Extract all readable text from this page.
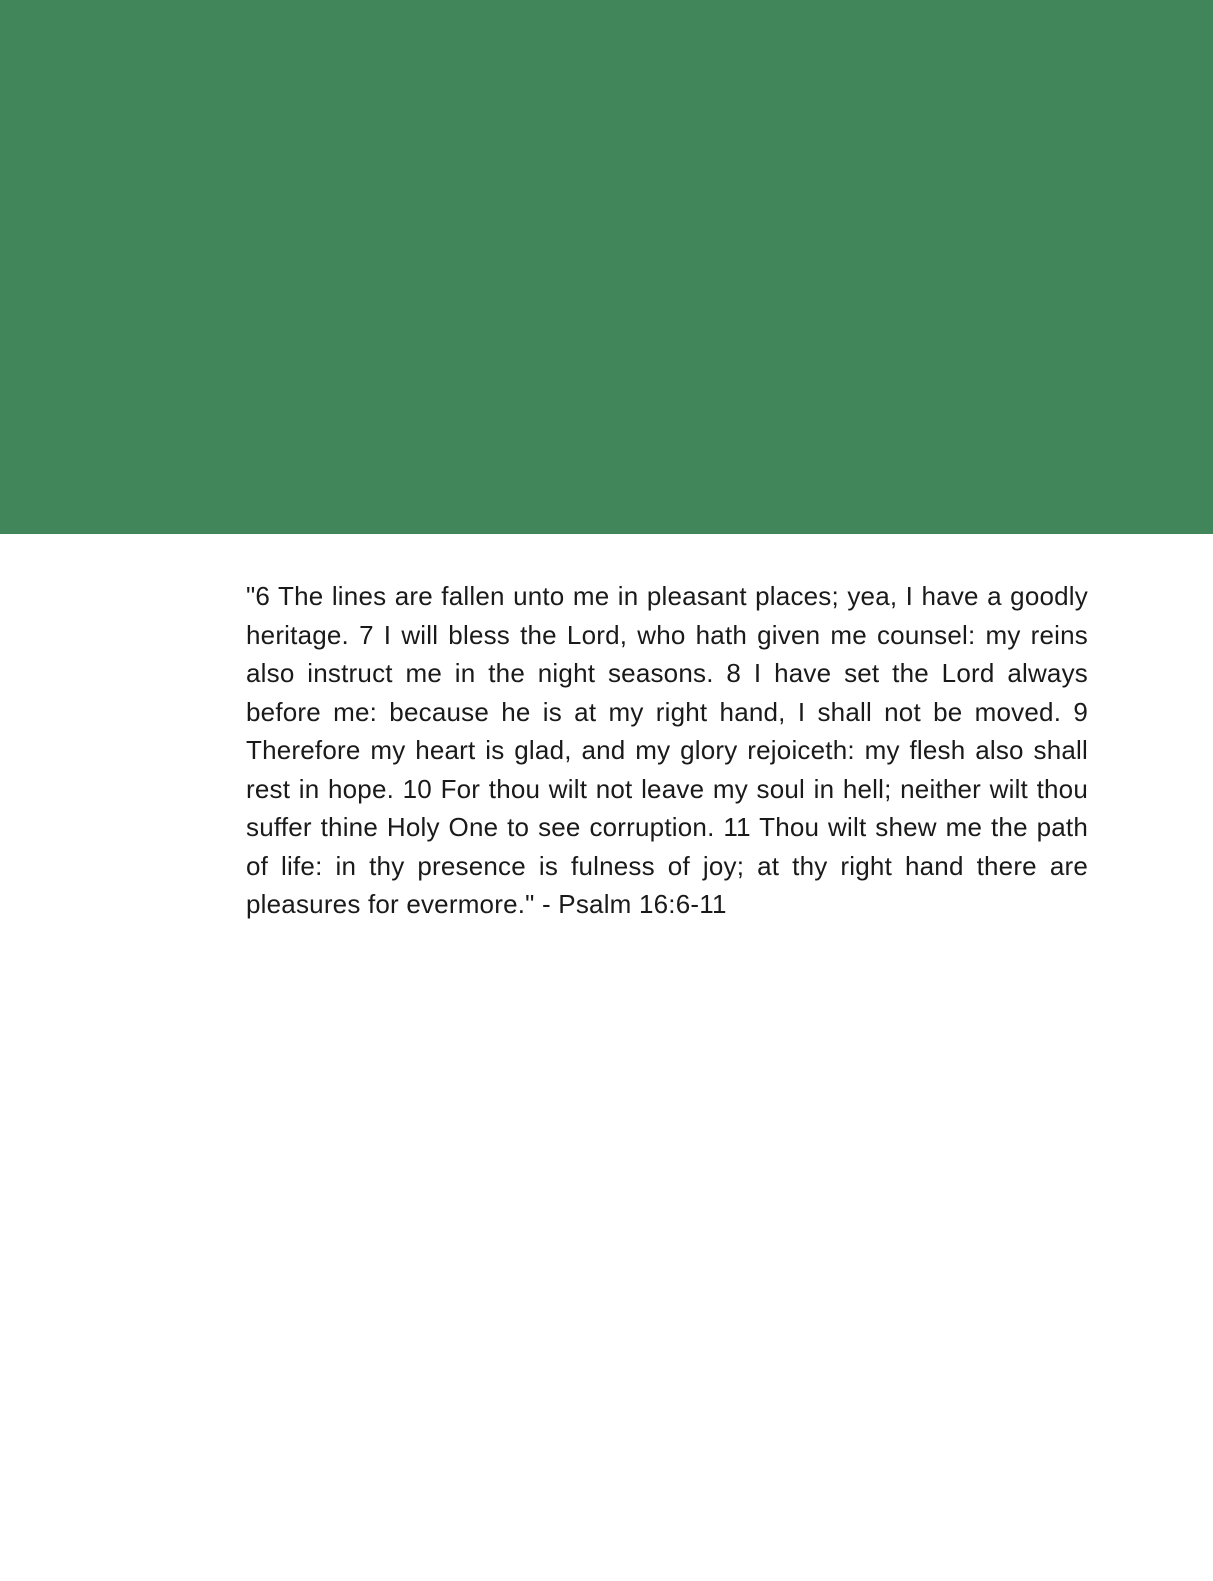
"6 The lines are fallen unto me in pleasant places; yea, I have a goodly heritage. 7 I will bless the Lord, who hath given me counsel: my reins also instruct me in the night seasons. 8 I have set the Lord always before me: because he is at my right hand, I shall not be moved. 9 Therefore my heart is glad, and my glory rejoiceth: my flesh also shall rest in hope. 10 For thou wilt not leave my soul in hell; neither wilt thou suffer thine Holy One to see corruption. 11 Thou wilt shew me the path of life: in thy presence is fulness of joy; at thy right hand there are pleasures for evermore." - Psalm 16:6-11
